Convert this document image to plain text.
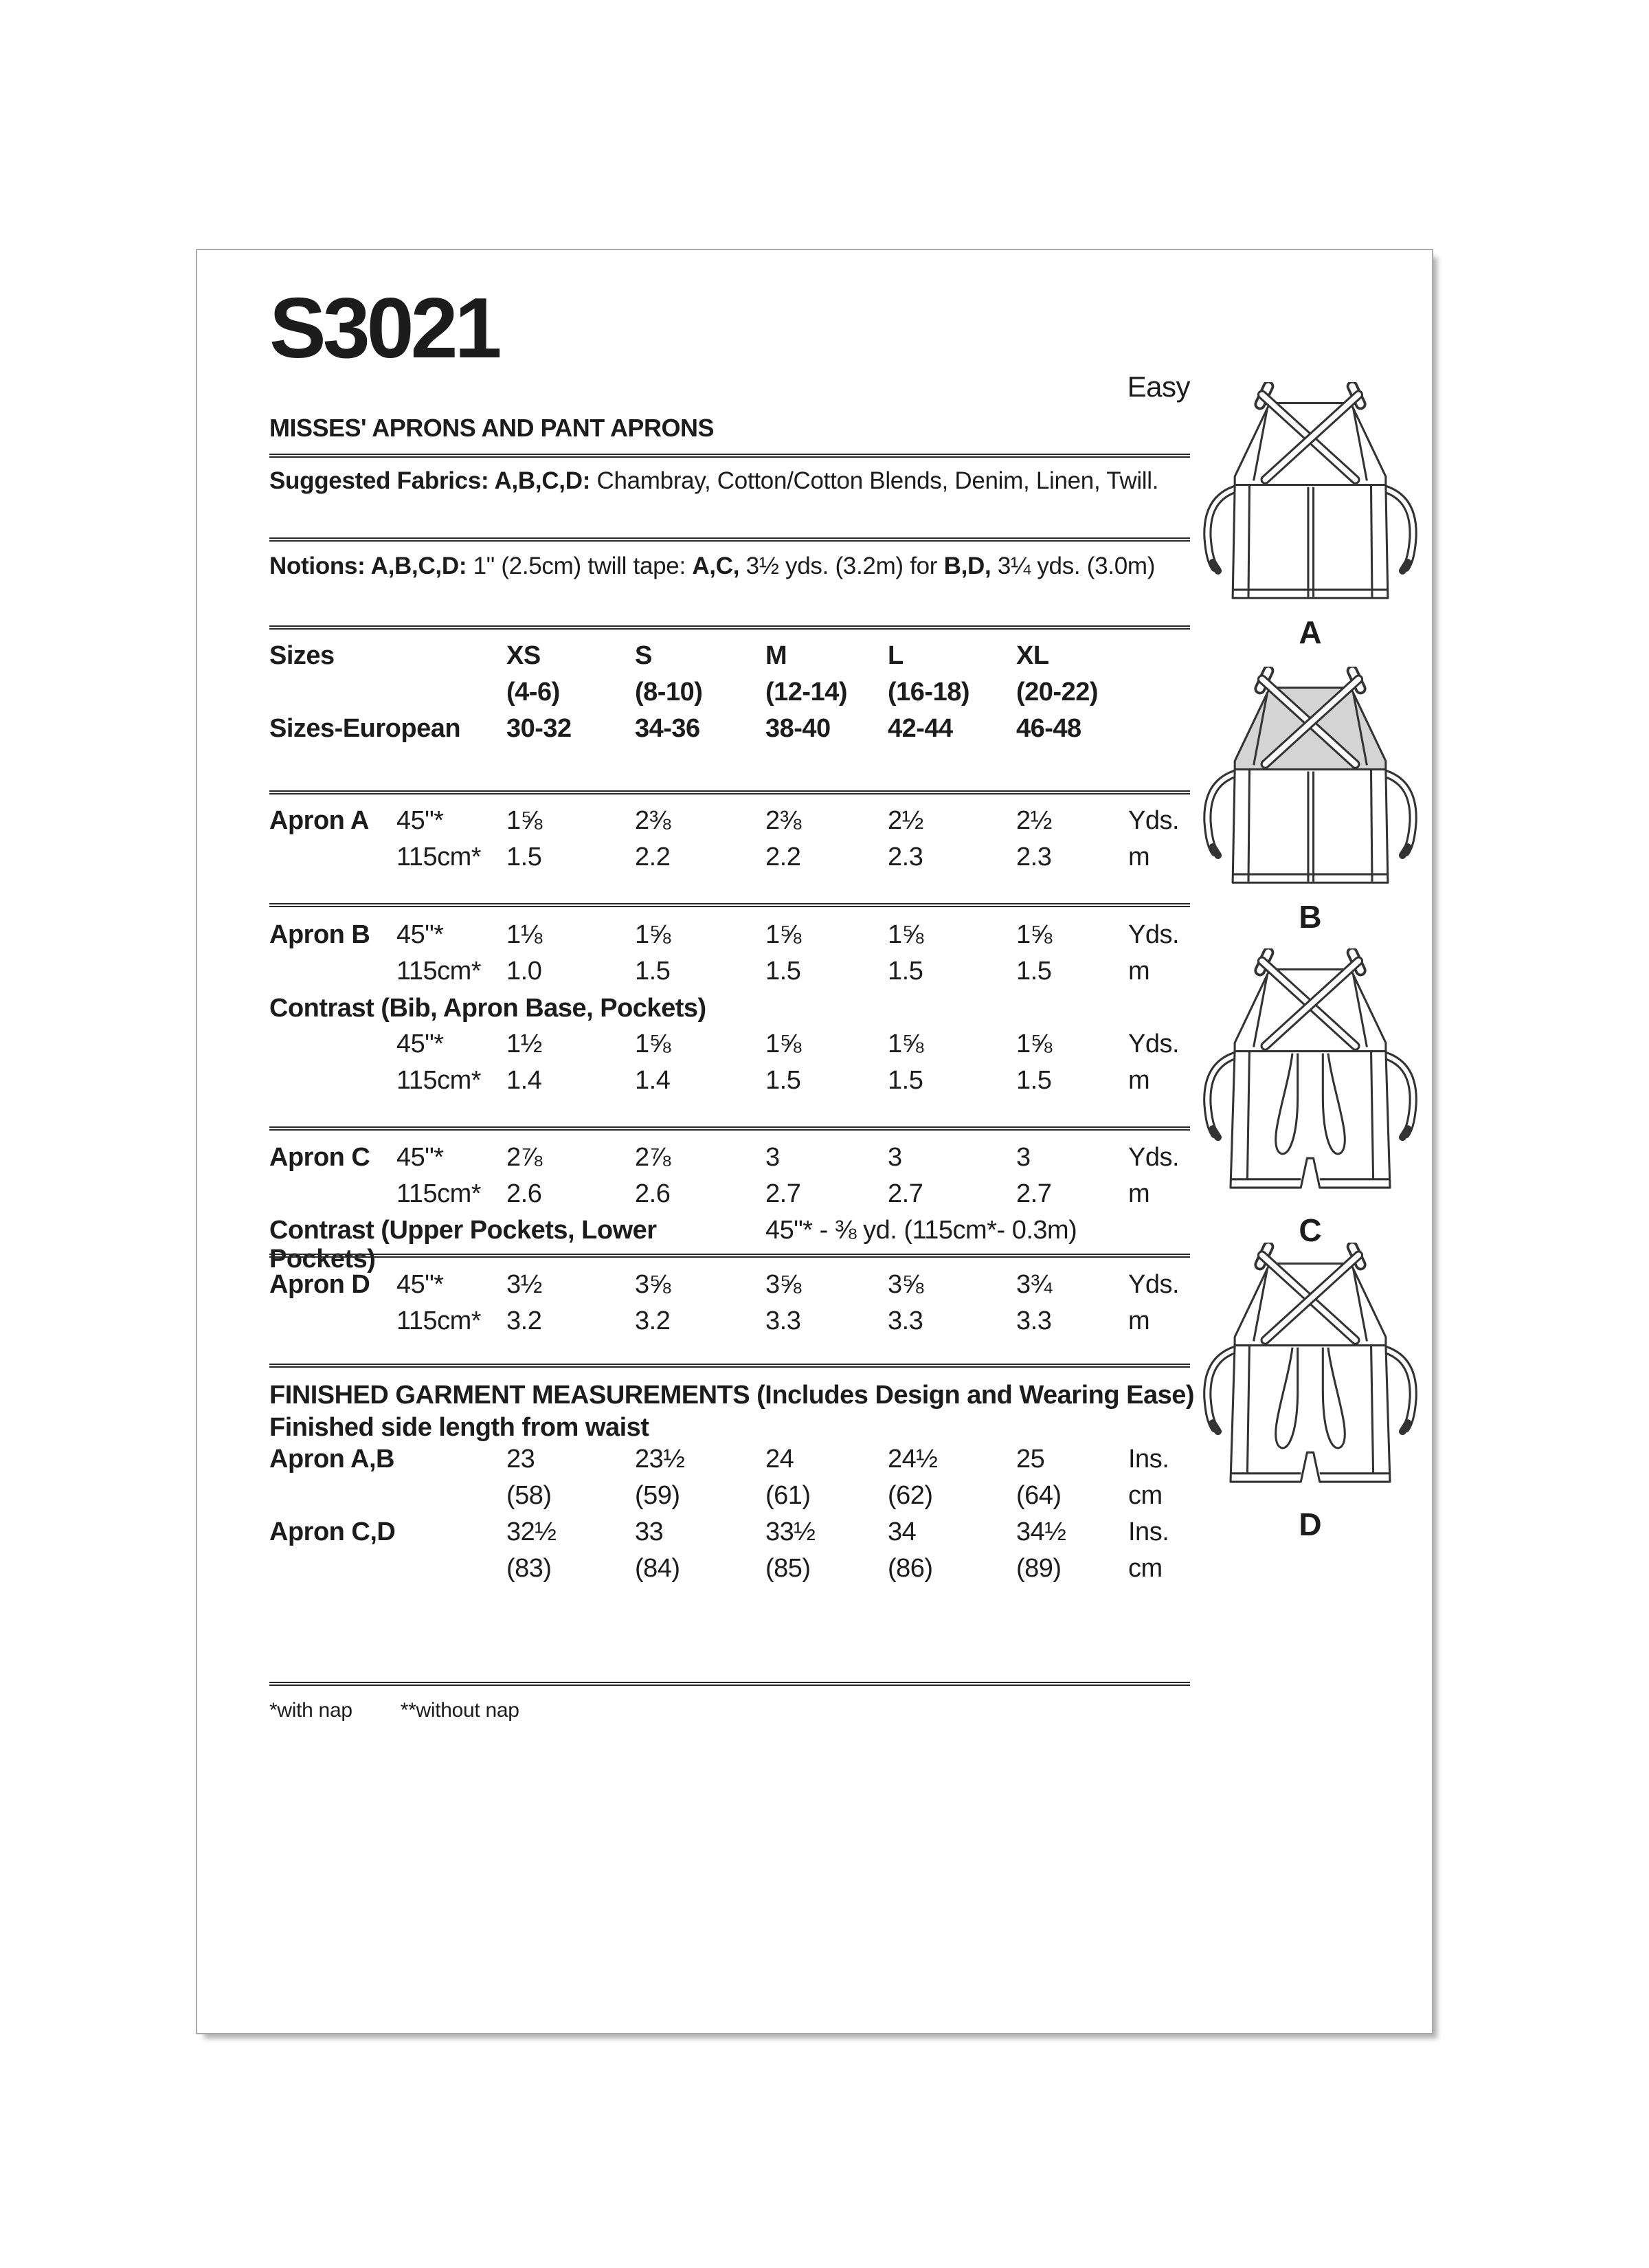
S3021
Easy
MISSES' APRONS AND PANT APRONS
Suggested Fabrics: A,B,C,D: Chambray, Cotton/Cotton Blends, Denim, Linen, Twill.
Notions: A,B,C,D: 1" (2.5cm) twill tape: A,C, 3½ yds. (3.2m) for B,D, 3¼ yds. (3.0m)
Sizes	XS	S	M	L	XL
(4-6)	(8-10)	(12-14)	(16-18)	(20-22)
Sizes-European	30-32	34-36	38-40	42-44	46-48
Apron A	45"*	1⅝	2⅜	2⅜	2½	2½	Yds.
115cm* 1.5	2.2	2.2	2.3	2.3	m
Apron B	45"*	1⅛	1⅝	1⅝	1⅝	1⅝	Yds.
115cm* 1.0	1.5	1.5	1.5	1.5	m
Contrast (Bib, Apron Base, Pockets)
45"*	1½	1⅝	1⅝	1⅝	1⅝	Yds.
115cm* 1.4	1.4	1.5	1.5	1.5	m
Apron C	45"*	2⅞	2⅞	3	3	3	Yds.
115cm* 2.6	2.6	2.7	2.7	2.7	m
Contrast (Upper Pockets, Lower Pockets)
45"* - ⅜ yd. (115cm*- 0.3m)
Apron D	45"*	3½	3⅝	3⅝	3⅝	3¾	Yds.
115cm* 3.2	3.2	3.3	3.3	3.3	m
FINISHED GARMENT MEASUREMENTS (Includes Design and Wearing Ease)
Finished side length from waist
Apron A,B	23	23½	24	24½	25	Ins.
(58)	(59)	(61)	(62)	(64)	cm
Apron C,D	32½	33	33½	34	34½	Ins.
(83)	(84)	(85)	(86)	(89)	cm
*with nap **without nap
A
B
C
D
